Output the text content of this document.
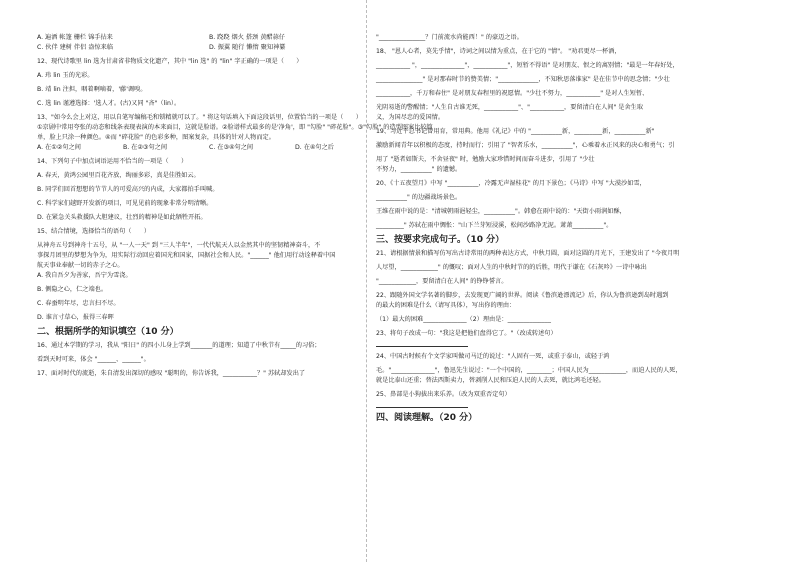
A. 遍洒 帐篷 栅栏 锦手拈来	B. 跷跷 烟火 搭颈 黄醋蒜仔
C. 伙伴 建树 伴侣 盎惊来临	D. 振翼 随行 懒惰 聚知神纂
12、现代诗歌里 lin 选为甘肃省非物质文化遗产，其中 "lin 选" 的 "lin" 字正确的一项是（　　）
A. 玮 lin 玉的光彩。
B. 靖 lin 注担，咽着啊嘀着，'藤'调嗅。
C. 选 lin 谨遵选择：'选人才。(古)又同 "吝"（lin）。
13、"如今么会上对这，用以自笔写编稿毛和锁精就可以了。" 将这句话填入下面这段话里，位置恰当的一项是（　　）
①京剧中常用夸张的动态和线条表现表演的本来面目，这就是脸谱。②脸谱样式最多的是'净角'，即 "勾脸" "碎花脸"。③"勾脸" 的造型图案比较简
单，脸上只涂一种颜色。④而 "碎花脸" 的色彩多种，图案复杂，具体的针对人物而定。
A. 在①②句之间	B. 在②③句之间	C. 在③④句之间	D. 在④句之后
14、下列句子中加点词语运用不恰当的一项是（　　）
A. 春天，黄鸿公园里百花齐放，绚丽多彩，真是佳胜如云。
B. 同学们回首想想的节节人的可爱高兴的内成，大家都拍手叫喊。
C. 科学家们越野开发新的项目，可见见前的现象非常分明清晰。
D. 在紧急关头救援队大胆建议，壮烈的精神是如此牺牲开拓。
15、结合情境，选择恰当的语句（　　）
从神舟五号到神舟十五号，从 "一人一天" 到 "三人半年"，一代代航天人以金然其中的坚韧精神奋斗，不
事探月团里的梦想为争为，用实际行动回应着国光和国家，国据社会和人民。"______" 他们用行动诠释着中国
航天事业奉献一切的赤子之心。
A. 我自吾夕为善家，吾宁为雪浇。
B. 侧隐之心，仁之端也。
C. 春蚕明年尽，忠言扫不尽。
D. 谁言寸草心，报得三春晖
二、根据所学的知识填空（10 分）
16、通过本学期的学习，我从 "阳日" 的四小儿身上学到_______的道理；知道了中秋节有_____的习俗；
看到天时可来，体会 "______、______"。
17、面对时代的流逝，朱自清发出深切的感叹 "聪明的，你告诉我，___________？" 苏轼却发出了
"_______________？门前流水尚能西！" 的豪迈之语。
18、 "恩人心者，莫先乎情"，诗词之间以情为重点，在于它的 "情"。 "劝君更尽一杯酒，
___________ "，______________"，___________"，短暂不得语" 是对朋友、恨之的离别情；"最是一年春好处，
_______________" 是对那春时节的赞美情；"_____________，不知秋思落谁家" 是在佳节中的思念情；"少壮
___________，千万和春住" 是对朋友春程里的祝愿情。"少壮不努力，___________" 是对人生短暂、
光阴易逝的警醒情；"人生自古谁无死，___________"、"___________，要留清白在人间" 是舍生取
义，为国尽忠的爱国情。
19、习近平总书记曾用育，常用典。他用《礼记》中的 "__________新，_________新，__________新"
激励新闻青年以积极的态度，持时而行；引用了 "智者乐水，__________"，心乘着永正风来的决心和勇气；引
用了 "逝者如斯夫，不舍昼夜" 时，勉励大家珍惜时间而奋斗进步，引用了 "少壮
不努力，__________" 的遗憾。
20、《十五夜望月》中写 "__________，冷露无声湿桂花" 的月下景色；《马诗》中写 "大漠沙如雪，
__________" 的边疆战场景色。
王维在雨中说的是："清城朝雨浥轻尘，__________"。韩愈在雨中说的："天街小雨润如酥，
_________" 苏轼在雨中惆怅："山下兰芽短浸溪，松间沙路净无泥。萧萧__________"。
三、按要求完成句子。（10 分）
21、请根据情景和描写仿写出古诗常用的两种表达方式，中秋月圆，面对这圆的月光下，王建发出了 "今夜月明
人尽望，____________" 的慨叹；面对人生的中秋时节的的后胜，明代于谦在《石灰吟》一诗中咏出
"____________，要留清白在人间" 的铮铮誓言。
22、跟随外国文学名著的脚步，去发现更广阔的世界。阅读《鲁滨逊漂流记》后，你认为鲁滨逊到岛时遇到
的最大的困难是什么（请写具体），写出你的理由：
（1）最大的困难______________（2）理由是：______________
23、将句子改成一句："我这是把他们盘得它了。"（改成转述句）
24、中国古时候有个文学家叫做司马迁的说过："人固有一死，或重于泰山，或轻于鸿
毛。"______________"，鲁迅先生说过："一个中国的，________；中国人民为____________，而迫人民的人死，
就是比泰山还重；替法西斯卖力，替剥削人民和压迫人民的人去死，就比鸿毛还轻。
25、鼻部是小狗拔出来乐养。（改为双重否定句）
四、阅读理解。（20 分）
